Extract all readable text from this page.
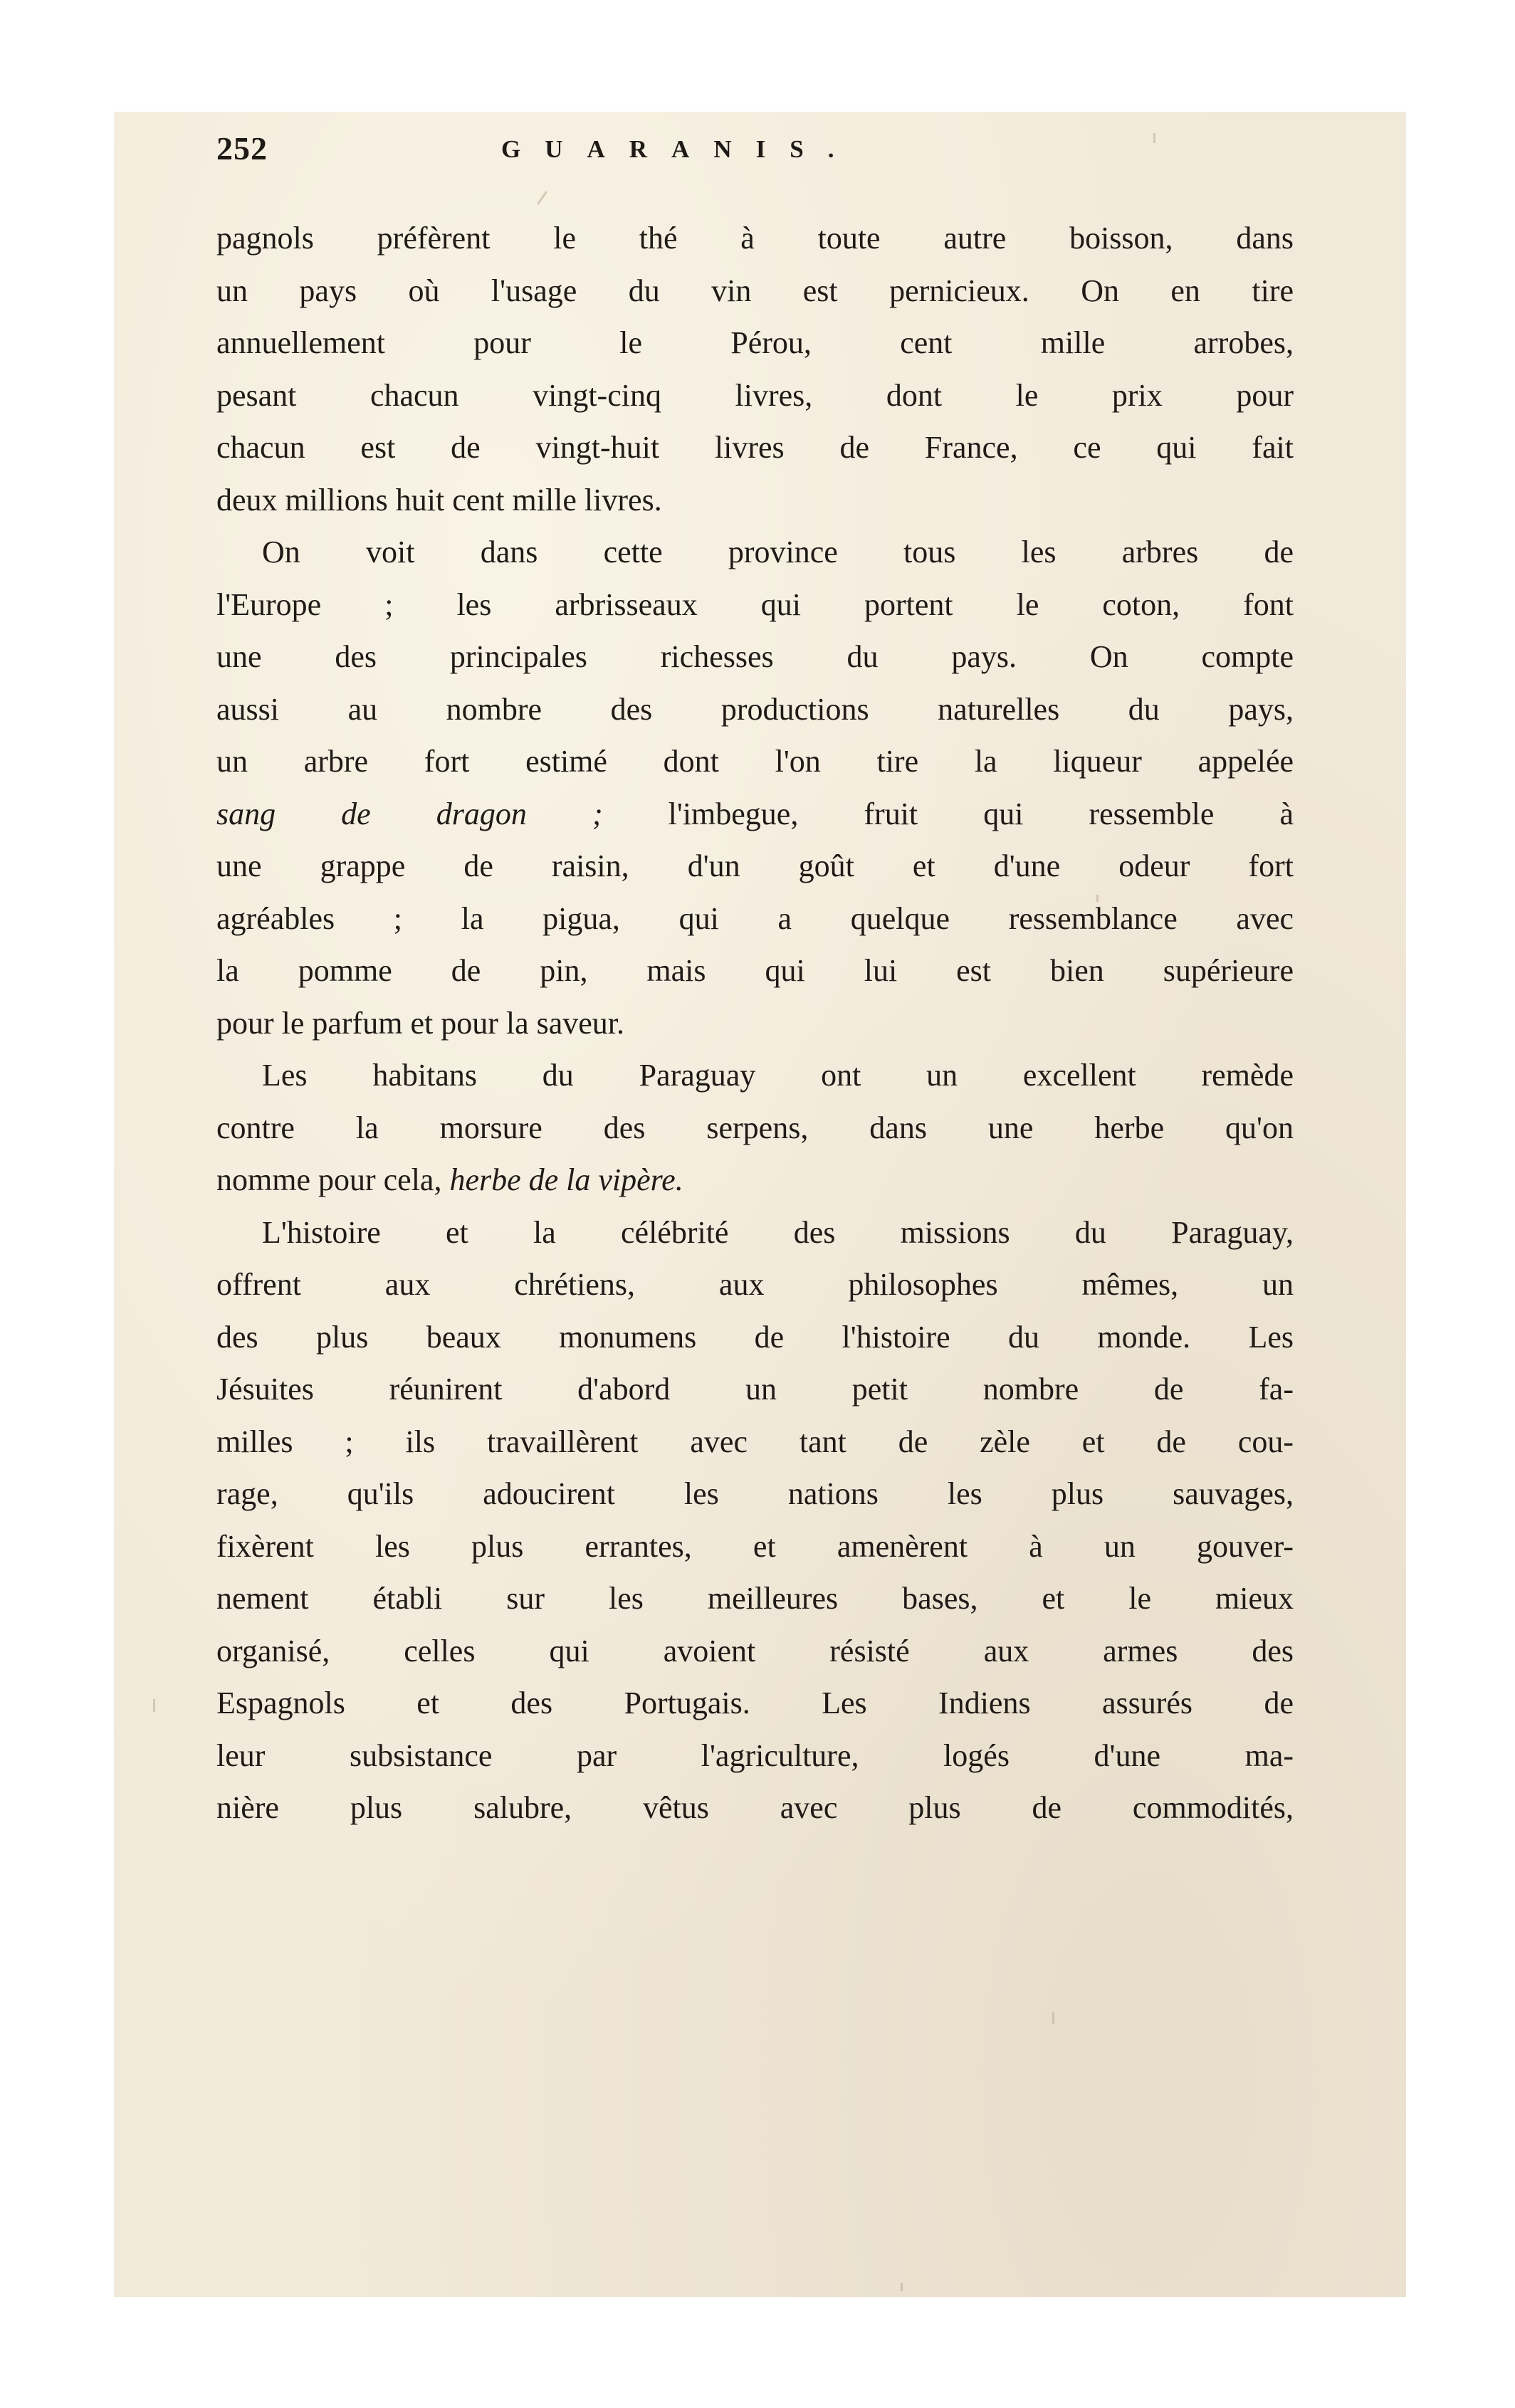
252	GUARANIS.

pagnols préfèrent le thé à toute autre boisson, dans

un pays où l'usage du vin est pernicieux. On en tire

annuellement pour le Pérou, cent mille arrobes,

pesant chacun vingt-cinq livres, dont le prix pour

chacun est de vingt-huit livres de France, ce qui fait

deux millions huit cent mille livres.

On voit dans cette province tous les arbres de

l'Europe ; les arbrisseaux qui portent le coton, font

une des principales richesses du pays. On compte

aussi au nombre des productions naturelles du pays,

un arbre fort estimé dont l'on tire la liqueur appelée

sang de dragon ; l'imbegue, fruit qui ressemble à

une grappe de raisin, d'un goût et d'une odeur fort

agréables ; la pigua, qui a quelque ressemblance avec

la pomme de pin, mais qui lui est bien supérieure

pour le parfum et pour la saveur.

Les habitans du Paraguay ont un excellent remède

contre la morsure des serpens, dans une herbe qu'on

nomme pour cela, herbe de la vipère.

L'histoire et la célébrité des missions du Paraguay,

offrent aux chrétiens, aux philosophes mêmes, un

des plus beaux monumens de l'histoire du monde. Les

Jésuites réunirent d'abord un petit nombre de fa-

milles ; ils travaillèrent avec tant de zèle et de cou-

rage, qu'ils adoucirent les nations les plus sauvages,

fixèrent les plus errantes, et amenèrent à un gouver-

nement établi sur les meilleures bases, et le mieux

organisé, celles qui avoient résisté aux armes des

Espagnols et des Portugais. Les Indiens assurés de

leur subsistance par l'agriculture, logés d'une ma-

nière plus salubre, vêtus avec plus de commodités,
